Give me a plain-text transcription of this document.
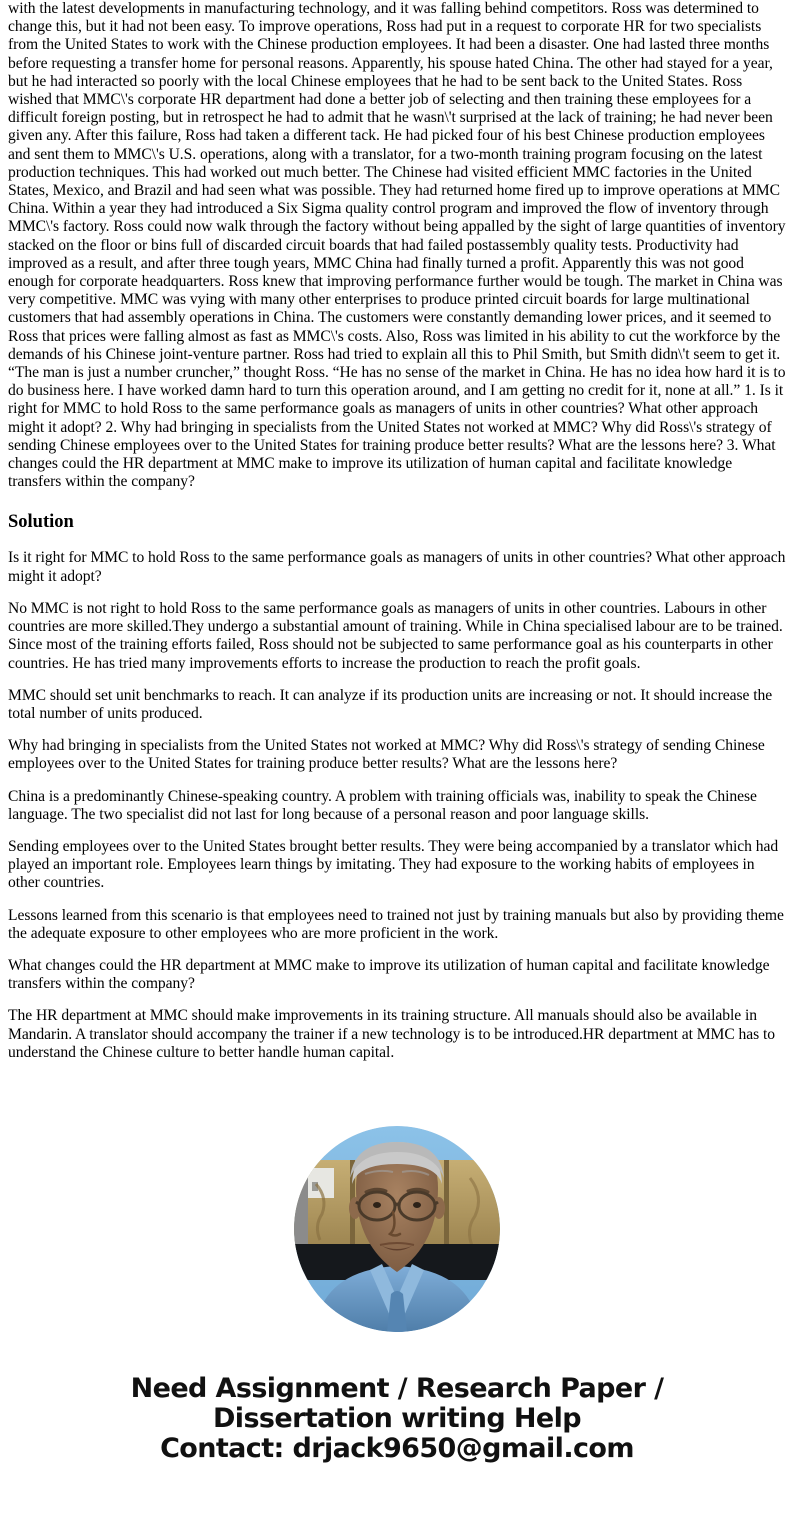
with the latest developments in manufacturing technology, and it was falling behind competitors. Ross was determined to change this, but it had not been easy. To improve operations, Ross had put in a request to corporate HR for two specialists from the United States to work with the Chinese production employees. It had been a disaster. One had lasted three months before requesting a transfer home for personal reasons. Apparently, his spouse hated China. The other had stayed for a year, but he had interacted so poorly with the local Chinese employees that he had to be sent back to the United States. Ross wished that MMC\'s corporate HR department had done a better job of selecting and then training these employees for a difficult foreign posting, but in retrospect he had to admit that he wasn\'t surprised at the lack of training; he had never been given any. After this failure, Ross had taken a different tack. He had picked four of his best Chinese production employees and sent them to MMC\'s U.S. operations, along with a translator, for a two-month training program focusing on the latest production techniques. This had worked out much better. The Chinese had visited efficient MMC factories in the United States, Mexico, and Brazil and had seen what was possible. They had returned home fired up to improve operations at MMC China. Within a year they had introduced a Six Sigma quality control program and improved the flow of inventory through MMC\'s factory. Ross could now walk through the factory without being appalled by the sight of large quantities of inventory stacked on the floor or bins full of discarded circuit boards that had failed postassembly quality tests. Productivity had improved as a result, and after three tough years, MMC China had finally turned a profit. Apparently this was not good enough for corporate headquarters. Ross knew that improving performance further would be tough. The market in China was very competitive. MMC was vying with many other enterprises to produce printed circuit boards for large multinational customers that had assembly operations in China. The customers were constantly demanding lower prices, and it seemed to Ross that prices were falling almost as fast as MMC\'s costs. Also, Ross was limited in his ability to cut the workforce by the demands of his Chinese joint-venture partner. Ross had tried to explain all this to Phil Smith, but Smith didn\'t seem to get it. “The man is just a number cruncher,” thought Ross. “He has no sense of the market in China. He has no idea how hard it is to do business here. I have worked damn hard to turn this operation around, and I am getting no credit for it, none at all.” 1. Is it right for MMC to hold Ross to the same performance goals as managers of units in other countries? What other approach might it adopt? 2. Why had bringing in specialists from the United States not worked at MMC? Why did Ross\'s strategy of sending Chinese employees over to the United States for training produce better results? What are the lessons here? 3. What changes could the HR department at MMC make to improve its utilization of human capital and facilitate knowledge transfers within the company?

Solution

Is it right for MMC to hold Ross to the same performance goals as managers of units in other countries? What other approach might it adopt?

No MMC is not right to hold Ross to the same performance goals as managers of units in other countries. Labours in other countries are more skilled.They undergo a substantial amount of training. While in China specialised labour are to be trained. Since most of the training efforts failed, Ross should not be subjected to same performance goal as his counterparts in other countries. He has tried many improvements efforts to increase the production to reach the profit goals.

MMC should set unit benchmarks to reach. It can analyze if its production units are increasing or not. It should increase the total number of units produced.

Why had bringing in specialists from the United States not worked at MMC? Why did Ross\'s strategy of sending Chinese employees over to the United States for training produce better results? What are the lessons here?

China is a predominantly Chinese-speaking country. A problem with training officials was, inability to speak the Chinese language. The two specialist did not last for long because of a personal reason and poor language skills.

Sending employees over to the United States brought better results. They were being accompanied by a translator which had played an important role. Employees learn things by imitating. They had exposure to the working habits of employees in other countries.

Lessons learned from this scenario is that employees need to trained not just by training manuals but also by providing theme the adequate exposure to other employees who are more proficient in the work.

What changes could the HR department at MMC make to improve its utilization of human capital and facilitate knowledge transfers within the company?

The HR department at MMC should make improvements in its training structure. All manuals should also be available in Mandarin. A translator should accompany the trainer if a new technology is to be introduced.HR department at MMC has to understand the Chinese culture to better handle human capital.

Need Assignment / Research Paper / Dissertation writing Help
Contact: drjack9650@gmail.com
